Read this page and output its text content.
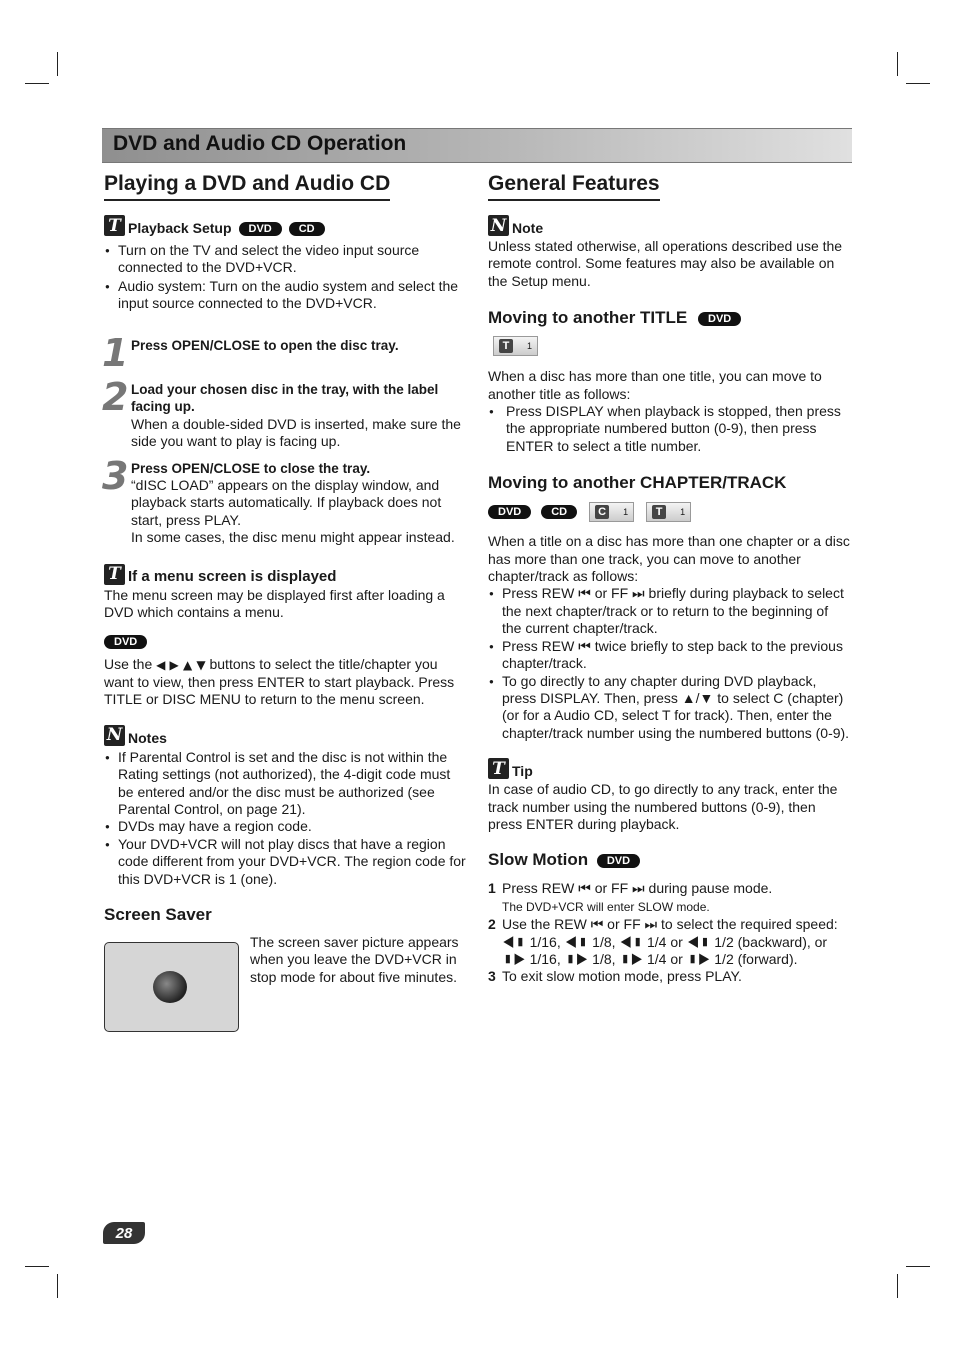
DVD and Audio CD Operation
Playing a DVD and Audio CD
T Playback Setup	DVD	CD
● Turn on the TV and select the video input source connected to the DVD+VCR.
● Audio system: Turn on the audio system and select the input source connected to the DVD+VCR.
1 Press OPEN/CLOSE to open the disc tray.
2 Load your chosen disc in the tray, with the label facing up.

When a double-sided DVD is inserted, make sure the side you want to play is facing up.

3 Press OPEN/CLOSE to close the tray.

“dISC LOAD” appears on the display window, and playback starts automatically. If playback does not start, press PLAY.

In some cases, the disc menu might appear instead.

T If a menu screen is displayed

The menu screen may be displayed first after loading a DVD which contains a menu.

DVD

Use the ◀ ▶ ▲ ▼ buttons to select the title/chapter you want to view, then press ENTER to start playback. Press TITLE or DISC MENU to return to the menu screen.

N Notes
● If Parental Control is set and the disc is not within the Rating settings (not authorized), the 4-digit code must be entered and/or the disc must be authorized (see Parental Control, on page 21).
● DVDs may have a region code.
● Your DVD+VCR will not play discs that have a region code different from your DVD+VCR. The region code for this DVD+VCR is 1 (one).
Screen Saver

The screen saver picture appears when you leave the DVD+VCR in stop mode for about five minutes.

General Features
N Note

Unless stated otherwise, all operations described use the remote control. Some features may also be available on the Setup menu.

Moving to another TITLE DVD
T	1

When a disc has more than one title, you can move to another title as follows:

● Press DISPLAY when playback is stopped, then press the appropriate numbered button (0-9), then press ENTER to select a title number.
Moving to another CHAPTER/TRACK
DVD	CD	C	1	T	1

When a title on a disc has more than one chapter or a disc has more than one track, you can move to another chapter/track as follows:

● Press REW ⏮ or FF ⏭ briefly during playback to select the next chapter/track or to return to the beginning of the current chapter/track.
● Press REW ⏮ twice briefly to step back to the previous chapter/track.
● To go directly to any chapter during DVD playback, press DISPLAY. Then, press ▲/▼ to select C (chapter) (or for a Audio CD, select T for track). Then, enter the chapter/track number using the numbered buttons (0-9).
T Tip

In case of audio CD, to go directly to any track, enter the track number using the numbered buttons (0-9), then press ENTER during playback.

Slow Motion DVD
1 Press REW ⏮ or FF ⏭ during pause mode.
The DVD+VCR will enter SLOW mode.
2 Use the REW ⏮ or FF ⏭ to select the required speed: ◀▮ 1/16, ◀▮ 1/8, ◀▮ 1/4 or ◀▮ 1/2 (backward), or ▮▶ 1/16, ▮▶ 1/8, ▮▶ 1/4 or ▮▶ 1/2 (forward).
3 To exit slow motion mode, press PLAY.
28
